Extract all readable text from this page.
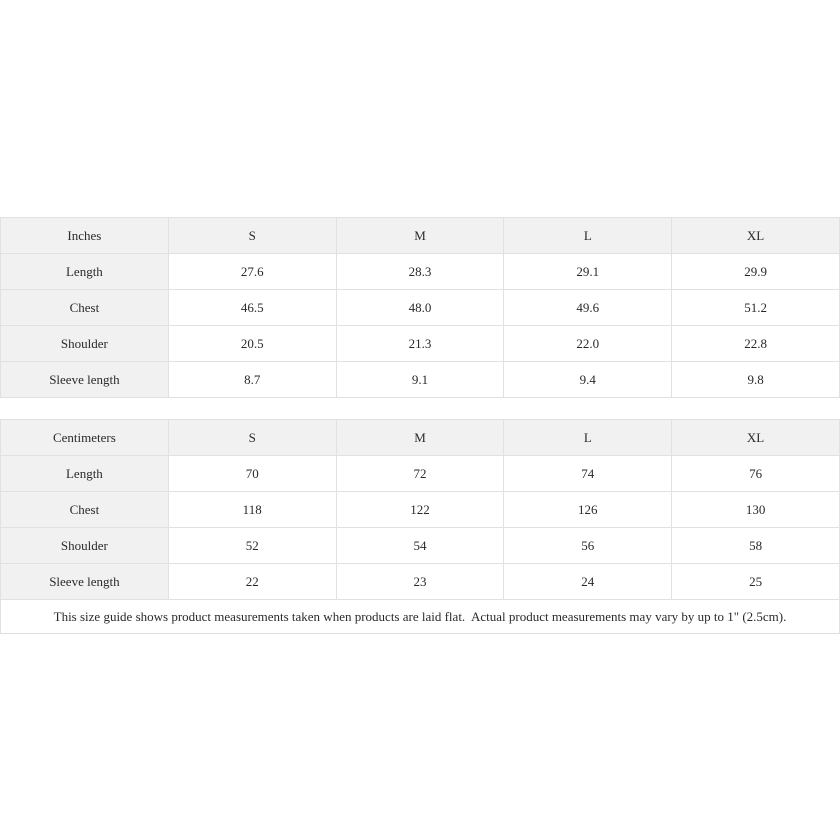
Inches	S	M	L	XL
Length	27.6	28.3	29.1	29.9
Chest	46.5	48.0	49.6	51.2
Shoulder	20.5	21.3	22.0	22.8
Sleeve length	8.7	9.1	9.4	9.8
Centimeters	S	M	L	XL
Length	70	72	74	76
Chest	118	122	126	130
Shoulder	52	54	56	58
Sleeve length	22	23	24	25
This size guide shows product measurements taken when products are laid flat.  Actual product measurements may vary by up to 1" (2.5cm).
